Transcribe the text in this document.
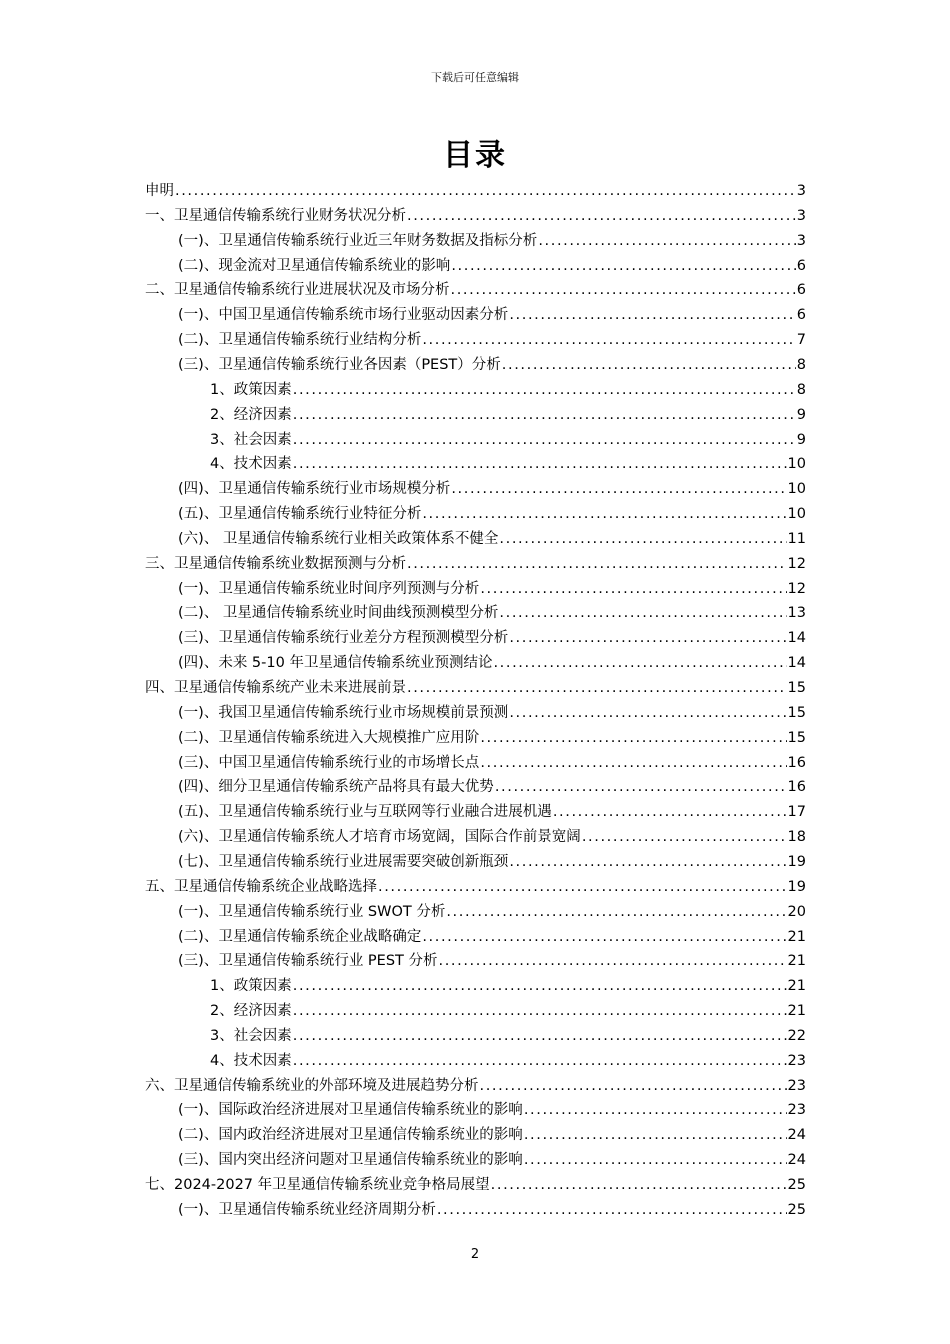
下载后可任意编辑
目录
申明 .....	3
一、卫星通信传输系统行业财务状况分析 .....	3
(一)、卫星通信传输系统行业近三年财务数据及指标分析 .....	3
(二)、现金流对卫星通信传输系统业的影响 .....	6
二、卫星通信传输系统行业进展状况及市场分析 .....	6
(一)、中国卫星通信传输系统市场行业驱动因素分析 .....	6
(二)、卫星通信传输系统行业结构分析 .....	7
(三)、卫星通信传输系统行业各因素（PEST）分析 .....	8
1、政策因素 .....	8
2、经济因素 .....	9
3、社会因素 .....	9
4、技术因素 .....	10
(四)、卫星通信传输系统行业市场规模分析 .....	10
(五)、卫星通信传输系统行业特征分析 .....	10
(六)、 卫星通信传输系统行业相关政策体系不健全 .....	11
三、卫星通信传输系统业数据预测与分析 .....	12
(一)、卫星通信传输系统业时间序列预测与分析 .....	12
(二)、 卫星通信传输系统业时间曲线预测模型分析 .....	13
(三)、卫星通信传输系统行业差分方程预测模型分析 .....	14
(四)、未来 5-10 年卫星通信传输系统业预测结论 .....	14
四、卫星通信传输系统产业未来进展前景 .....	15
(一)、我国卫星通信传输系统行业市场规模前景预测 .....	15
(二)、卫星通信传输系统进入大规模推广应用阶 .....	15
(三)、中国卫星通信传输系统行业的市场增长点 .....	16
(四)、细分卫星通信传输系统产品将具有最大优势 .....	16
(五)、卫星通信传输系统行业与互联网等行业融合进展机遇 .....	17
(六)、卫星通信传输系统人才培育市场宽阔，国际合作前景宽阔 .....	18
(七)、卫星通信传输系统行业进展需要突破创新瓶颈 .....	19
五、卫星通信传输系统企业战略选择 .....	19
(一)、卫星通信传输系统行业 SWOT 分析 .....	20
(二)、卫星通信传输系统企业战略确定 .....	21
(三)、卫星通信传输系统行业 PEST 分析 .....	21
1、政策因素 .....	21
2、经济因素 .....	21
3、社会因素 .....	22
4、技术因素 .....	23
六、卫星通信传输系统业的外部环境及进展趋势分析 .....	23
(一)、国际政治经济进展对卫星通信传输系统业的影响 .....	23
(二)、国内政治经济进展对卫星通信传输系统业的影响 .....	24
(三)、国内突出经济问题对卫星通信传输系统业的影响 .....	24
七、2024-2027 年卫星通信传输系统业竞争格局展望 .....	25
(一)、卫星通信传输系统业经济周期分析 .....	25
2
